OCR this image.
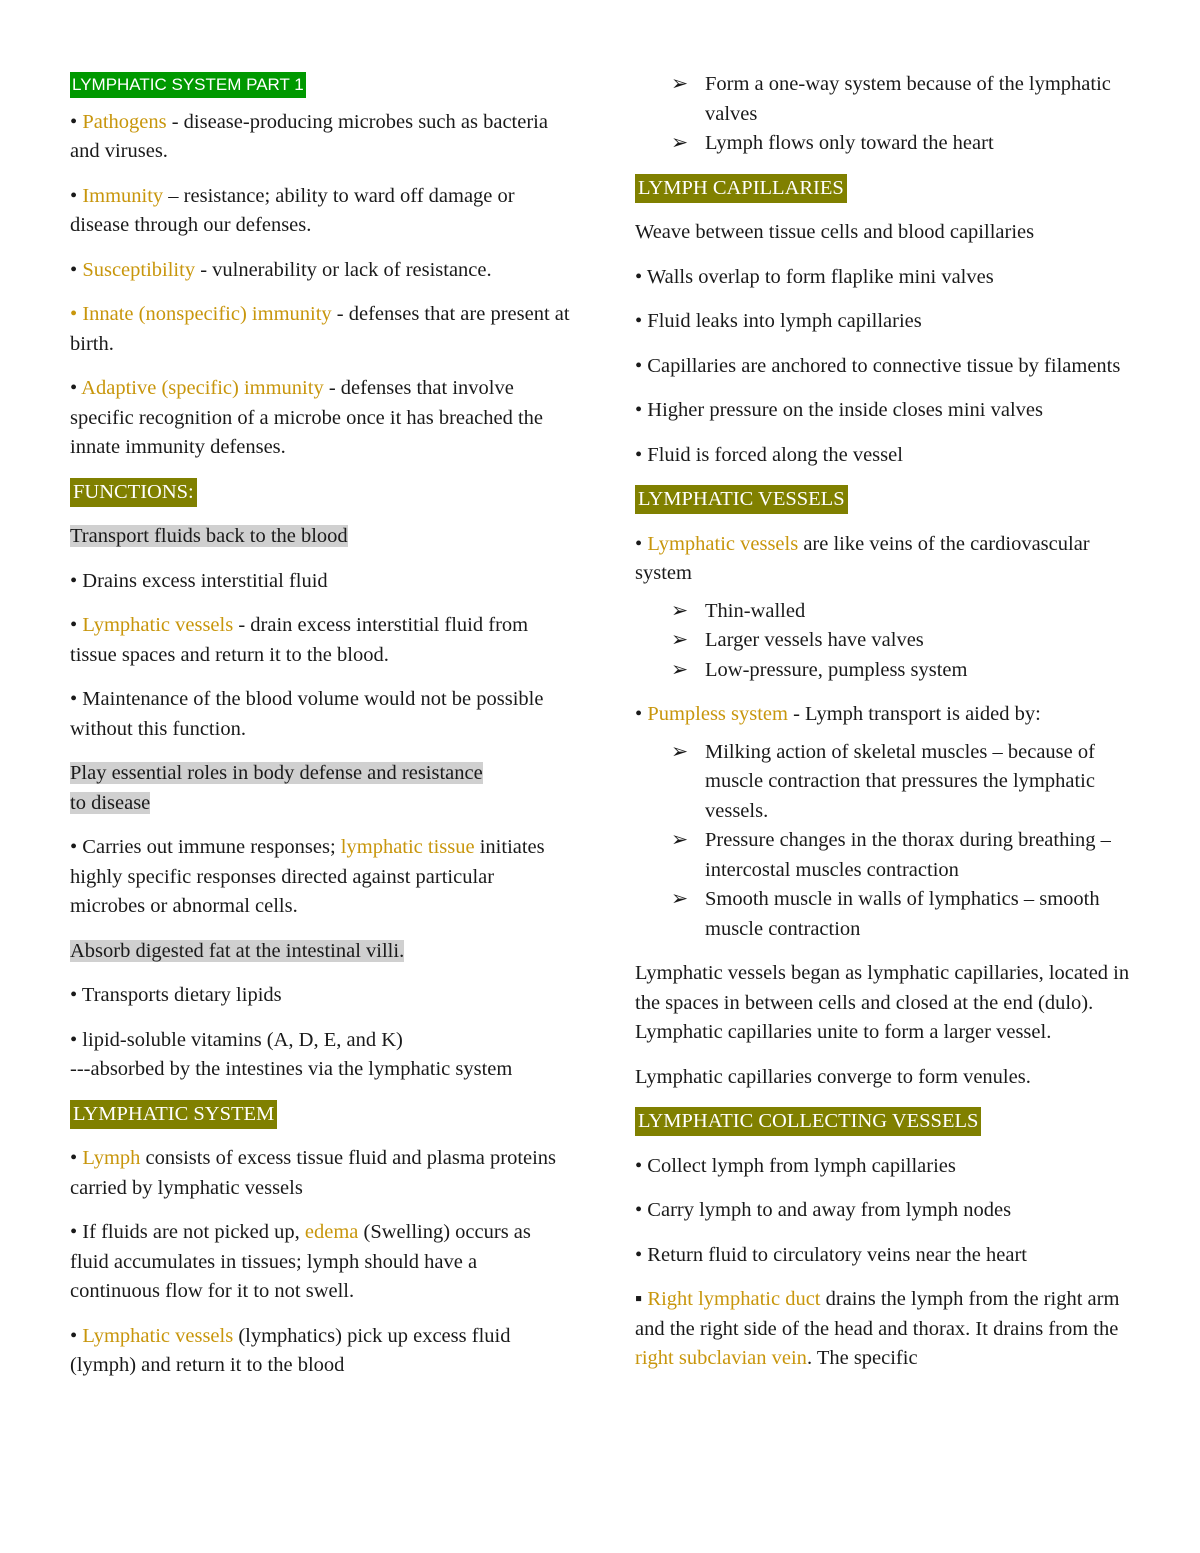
LYMPHATIC SYSTEM PART 1

• Pathogens - disease-producing microbes such as bacteria and viruses.

• Immunity – resistance; ability to ward off damage or disease through our defenses.

• Susceptibility - vulnerability or lack of resistance.

• Innate (nonspecific) immunity - defenses that are present at birth.

• Adaptive (specific) immunity - defenses that involve specific recognition of a microbe once it has breached the innate immunity defenses.

FUNCTIONS:

Transport fluids back to the blood

• Drains excess interstitial fluid

• Lymphatic vessels - drain excess interstitial fluid from tissue spaces and return it to the blood.

• Maintenance of the blood volume would not be possible without this function.

Play essential roles in body defense and resistance
to disease

• Carries out immune responses; lymphatic tissue initiates highly specific responses directed against particular microbes or abnormal cells.

Absorb digested fat at the intestinal villi.

• Transports dietary lipids

• lipid-soluble vitamins (A, D, E, and K)
---absorbed by the intestines via the lymphatic system

LYMPHATIC SYSTEM

• Lymph consists of excess tissue fluid and plasma proteins carried by lymphatic vessels

• If fluids are not picked up, edema (Swelling) occurs as fluid accumulates in tissues; lymph should have a continuous flow for it to not swell.

• Lymphatic vessels (lymphatics) pick up excess fluid (lymph) and return it to the blood

➢ Form a one-way system because of the lymphatic valves
➢ Lymph flows only toward the heart

LYMPH CAPILLARIES

Weave between tissue cells and blood capillaries

• Walls overlap to form flaplike mini valves

• Fluid leaks into lymph capillaries

• Capillaries are anchored to connective tissue by filaments

• Higher pressure on the inside closes mini valves

• Fluid is forced along the vessel

LYMPHATIC VESSELS

• Lymphatic vessels are like veins of the cardiovascular system

➢ Thin-walled
➢ Larger vessels have valves
➢ Low-pressure, pumpless system

• Pumpless system - Lymph transport is aided by:

➢ Milking action of skeletal muscles – because of muscle contraction that pressures the lymphatic vessels.
➢ Pressure changes in the thorax during breathing – intercostal muscles contraction
➢ Smooth muscle in walls of lymphatics – smooth muscle contraction

Lymphatic vessels began as lymphatic capillaries, located in the spaces in between cells and closed at the end (dulo). Lymphatic capillaries unite to form a larger vessel.

Lymphatic capillaries converge to form venules.

LYMPHATIC COLLECTING VESSELS

• Collect lymph from lymph capillaries

• Carry lymph to and away from lymph nodes

• Return fluid to circulatory veins near the heart

▪ Right lymphatic duct drains the lymph from the right arm and the right side of the head and thorax. It drains from the right subclavian vein. The specific
